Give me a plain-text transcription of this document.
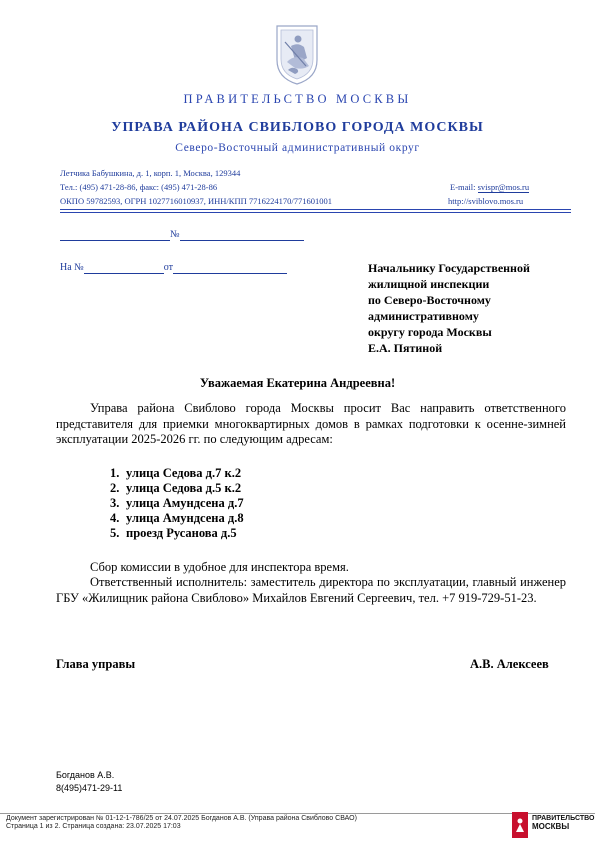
ПРАВИТЕЛЬСТВО МОСКВЫ
УПРАВА РАЙОНА СВИБЛОВО ГОРОДА МОСКВЫ
Северо-Восточный административный округ
Летчика Бабушкина, д. 1, корп. 1, Москва, 129344
Тел.: (495) 471-28-86, факс: (495) 471-28-86	E-mail: svispr@mos.ru
ОКПО 59782593, ОГРН 1027716010937, ИНН/КПП 7716224170/771601001	http://sviblovo.mos.ru
№
На №	от	Начальнику Государственной
жилищной инспекции
по Северо-Восточному
административному
округу города Москвы
Е.А. Пятиной
Уважаемая Екатерина Андреевна!
Управа района Свиблово города Москвы просит Вас направить ответственного представителя для приемки многоквартирных домов в рамках подготовки к осенне-зимней эксплуатации 2025-2026 гг. по следующим адресам:
1. улица Седова д.7 к.2
2. улица Седова д.5 к.2
3. улица Амундсена д.7
4. улица Амундсена д.8
5. проезд Русанова д.5
Сбор комиссии в удобное для инспектора время.
Ответственный исполнитель: заместитель директора по эксплуатации, главный инженер ГБУ «Жилищник района Свиблово» Михайлов Евгений Сергеевич, тел. +7 919-729-51-23.
Глава управы	А.В. Алексеев
Богданов А.В.
8(495)471-29-11
Документ зарегистрирован № 01-12-1-786/25 от 24.07.2025 Богданов А.В. (Управа района Свиблово СВАО)
Страница 1 из 2. Страница создана: 23.07.2025 17:03
ПРАВИТЕЛЬСТВО
МОСКВЫ
